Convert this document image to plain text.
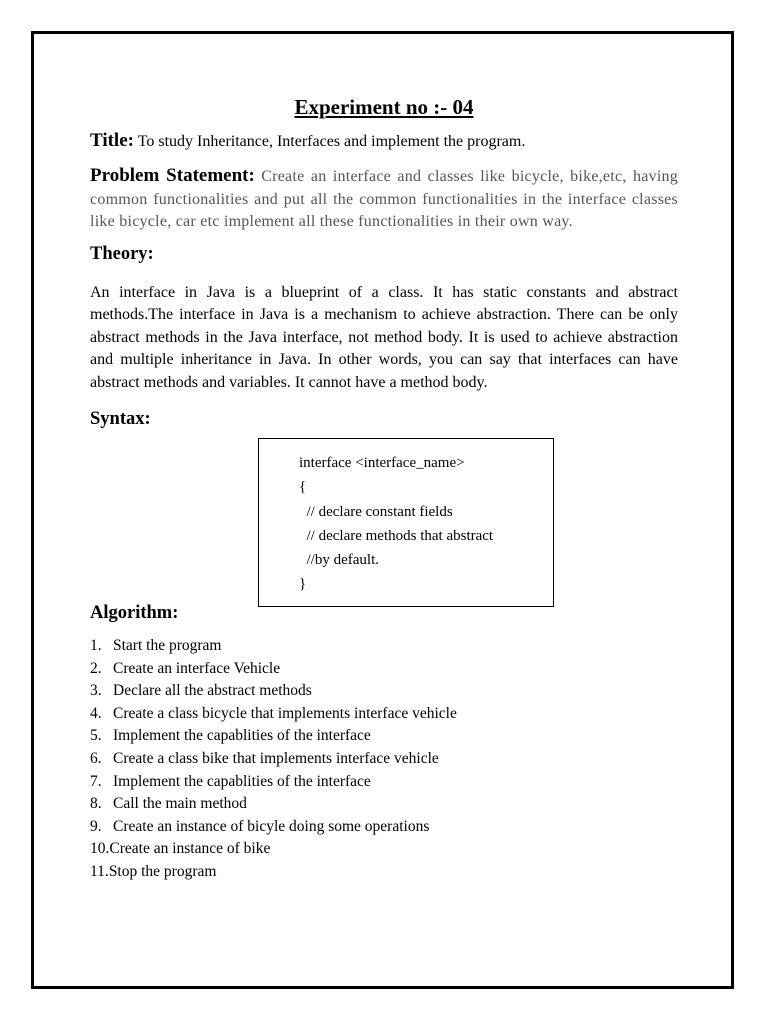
Experiment no :- 04

Title: To study Inheritance, Interfaces and implement the program.

Problem Statement: Create an interface and classes like bicycle, bike,etc, having common functionalities and put all the common functionalities in the interface classes like bicycle, car etc implement all these functionalities in their own way.

Theory:

An interface in Java is a blueprint of a class. It has static constants and abstract methods.The interface in Java is a mechanism to achieve abstraction. There can be only abstract methods in the Java interface, not method body. It is used to achieve abstraction and multiple inheritance in Java. In other words, you can say that interfaces can have abstract methods and variables. It cannot have a method body.

Syntax:
interface <interface_name>
{
// declare constant fields
// declare methods that abstract
//by default.
}
Algorithm:
1. Start the program
2. Create an interface Vehicle
3. Declare all the abstract methods
4. Create a class bicycle that implements interface vehicle
5. Implement the capablities of the interface
6. Create a class bike that implements interface vehicle
7. Implement the capablities of the interface
8. Call the main method
9. Create an instance of bicyle doing some operations
10. Create an instance of bike
11. Stop the program
